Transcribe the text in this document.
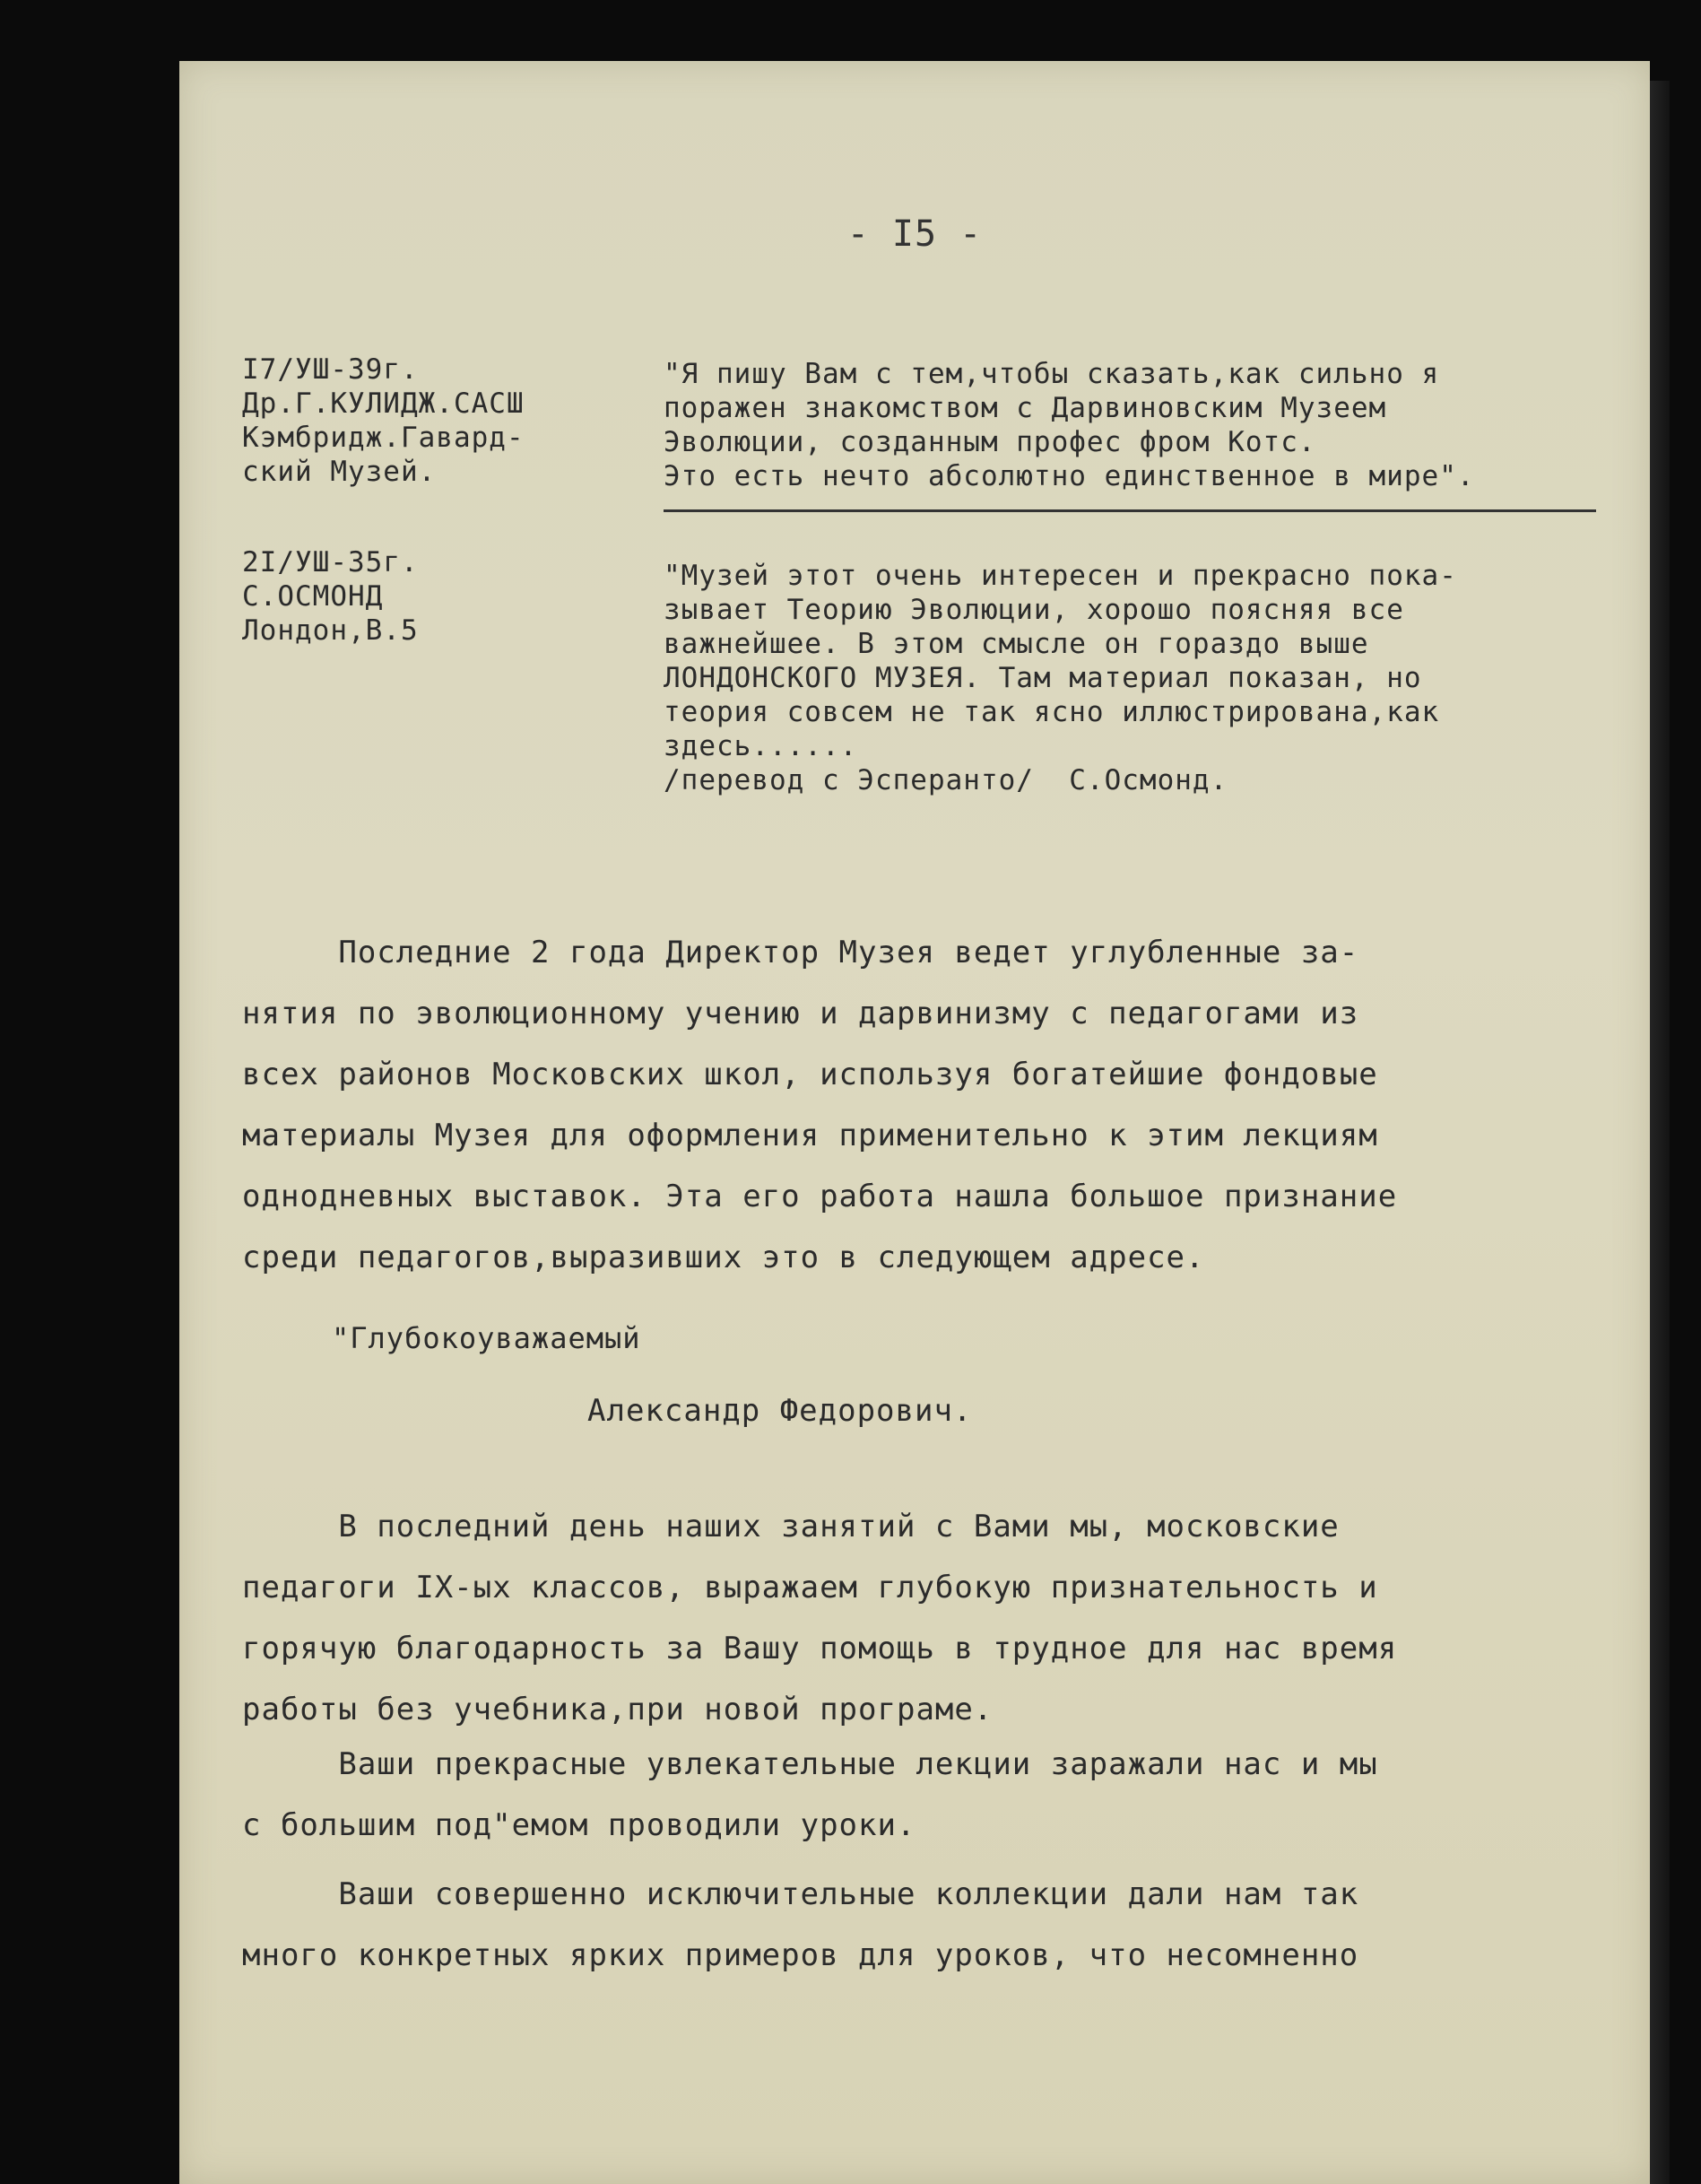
- I5 -
I7/УШ-39г.
Др.Г.КУЛИДЖ.САСШ
Кэмбридж.Гавард-
ский Музей.
"Я пишу Вам с тем,чтобы сказать,как сильно я
поражен знакомством с Дарвиновским Музеем
Эволюции, созданным профес фром Котс.
Это есть нечто абсолютно единственное в мире".
2I/УШ-35г.
С.ОСМОНД
Лондон,В.5
"Музей этот очень интересен и прекрасно пока-
зывает Теорию Эволюции, хорошо поясняя все
важнейшее. В этом смысле он гораздо выше
ЛОНДОНСКОГО МУЗЕЯ. Там материал показан, но
теория совсем не так ясно иллюстрирована,как
здесь......
/перевод с Эсперанто/  С.Осмонд.
Последние 2 года Директор Музея ведет углубленные за-
нятия по эволюционному учению и дарвинизму с педагогами из
всех районов Московских школ, используя богатейшие фондовые
материалы Музея для оформления применительно к этим лекциям
однодневных выставок. Эта его работа нашла большое признание
среди педагогов,выразивших это в следующем адресе.
"Глубокоуважаемый
Александр Федорович.
В последний день наших занятий с Вами мы, московские
педагоги IX-ых классов, выражаем глубокую признательность и
горячую благодарность за Вашу помощь в трудное для нас время
работы без учебника,при новой програме.
Ваши прекрасные увлекательные лекции заражали нас и мы
с большим под"емом проводили уроки.
Ваши совершенно исключительные коллекции дали нам так
много конкретных ярких примеров для уроков, что несомненно
